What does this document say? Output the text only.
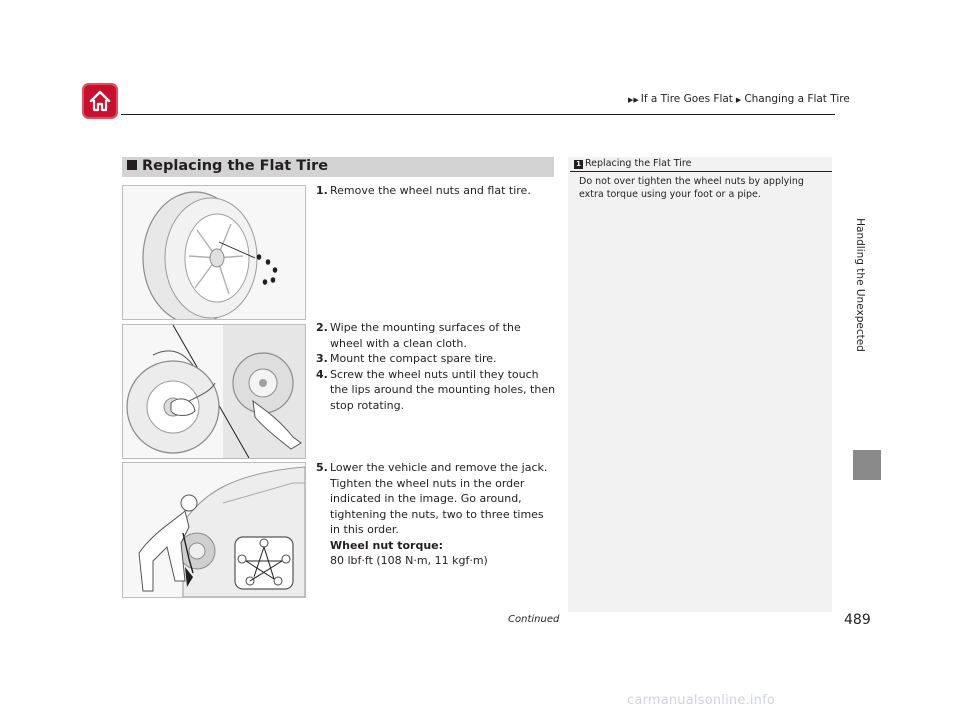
▶▶ If a Tire Goes Flat ▶ Changing a Flat Tire
Handling the Unexpected
Replacing the Flat Tire
1. Remove the wheel nuts and flat tire.
2. Wipe the mounting surfaces of the wheel with a clean cloth.
3. Mount the compact spare tire.
4. Screw the wheel nuts until they touch the lips around the mounting holes, then stop rotating.
5. Lower the vehicle and remove the jack. Tighten the wheel nuts in the order indicated in the image. Go around, tightening the nuts, two to three times in this order.
Wheel nut torque:
80 lbf·ft (108 N·m, 11 kgf·m)
1 Replacing the Flat Tire
Do not over tighten the wheel nuts by applying extra torque using your foot or a pipe.
Continued	489
carmanualsonline.info
